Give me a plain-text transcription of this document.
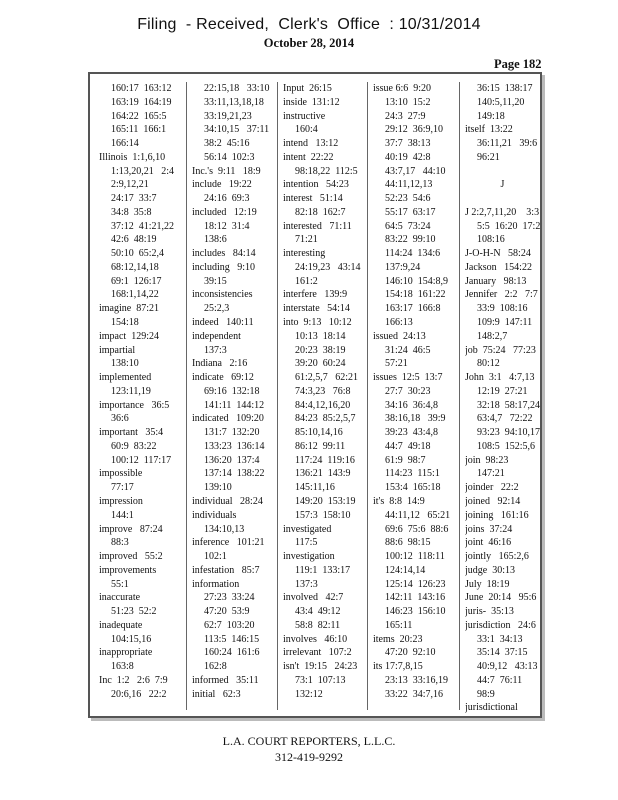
Filing  - Received,  Clerk's  Office  : 10/31/2014
October 28, 2014
Page 182
160:17  163:12
163:19  164:19
164:22  165:5
165:11  166:1
166:14
Illinois  1:1,6,10
1:13,20,21   2:4
2:9,12,21
24:17  33:7
34:8  35:8
37:12  41:21,22
42:6  48:19
50:10  65:2,4
68:12,14,18
69:1  126:17
168:1,14,22
imagine  87:21
154:18
impact  129:24
impartial
138:10
implemented
123:11,19
importance   36:5
36:6
important   35:4
60:9  83:22
100:12  117:17
impossible
77:17
impression
144:1
improve   87:24
88:3
improved   55:2
improvements
55:1
inaccurate
51:23  52:2
inadequate
104:15,16
inappropriate
163:8
Inc  1:2   2:6  7:9
20:6,16   22:2
22:15,18   33:10
33:11,13,18,18
33:19,21,23
34:10,15   37:11
38:2  45:16
56:14  102:3
Inc.'s  9:11   18:9
include   19:22
24:16  69:3
included   12:19
18:12  31:4
138:6
includes   84:14
including   9:10
39:15
inconsistencies
25:2,3
indeed   140:11
independent
137:3
Indiana   2:16
indicate   69:12
69:16  132:18
141:11  144:12
indicated   109:20
131:7  132:20
133:23  136:14
136:20  137:4
137:14  138:22
139:10
individual   28:24
individuals
134:10,13
inference   101:21
102:1
infestation   85:7
information
27:23  33:24
47:20  53:9
62:7  103:20
113:5  146:15
160:24  161:6
162:8
informed   35:11
initial   62:3
Input  26:15
inside  131:12
instructive
160:4
intend   13:12
intent  22:22
98:18,22  112:5
intention   54:23
interest   51:14
82:18  162:7
interested   71:11
71:21
interesting
24:19,23   43:14
161:2
interfere   139:9
interstate   54:14
into  9:13   10:12
10:13  18:14
20:23  38:19
39:20  60:24
61:2,5,7   62:21
74:3,23   76:8
84:4,12,16,20
84:23  85:2,5,7
85:10,14,16
86:12  99:11
117:24  119:16
136:21  143:9
145:11,16
149:20  153:19
157:3  158:10
investigated
117:5
investigation
119:1  133:17
137:3
involved   42:7
43:4  49:12
58:8  82:11
involves   46:10
irrelevant   107:2
isn't  19:15   24:23
73:1  107:13
132:12
issue 6:6  9:20
13:10  15:2
24:3  27:9
29:12  36:9,10
37:7  38:13
40:19  42:8
43:7,17   44:10
44:11,12,13
52:23  54:6
55:17  63:17
64:5  73:24
83:22  99:10
114:24  134:6
137:9,24
146:10  154:8,9
154:18  161:22
163:17  166:8
166:13
issued  24:13
31:24  46:5
57:21
issues  12:5  13:7
27:7  30:23
34:16  36:4,8
38:16,18   39:9
39:23  43:4,8
44:7  49:18
61:9  98:7
114:23  115:1
153:4  165:18
it's  8:8  14:9
44:11,12   65:21
69:6  75:6  88:6
88:6  98:15
100:12  118:11
124:14,14
125:14  126:23
142:11  143:16
146:23  156:10
165:11
items  20:23
47:20  92:10
its 17:7,8,15
23:13  33:16,19
33:22  34:7,16
36:15  138:17
140:5,11,20
149:18
itself  13:22
36:11,21   39:6
96:21
J
J 2:2,7,11,20    3:3
5:5  16:20  17:2
108:16
J-O-H-N   58:24
Jackson   154:22
January   98:13
Jennifer   2:2   7:7
33:9  108:16
109:9  147:11
148:2,7
job  75:24   77:23
80:12
John  3:1   4:7,13
12:19  27:21
32:18  58:17,24
63:4,7   72:22
93:23  94:10,17
108:5  152:5,6
join  98:23
147:21
joinder   22:2
joined   92:14
joining   161:16
joins  37:24
joint  46:16
jointly   165:2,6
judge  30:13
July  18:19
June  20:14   95:6
juris-  35:13
jurisdiction   24:6
33:1  34:13
35:14  37:15
40:9,12   43:13
44:7  76:11
98:9
jurisdictional
L.A. COURT REPORTERS, L.L.C.
312-419-9292
